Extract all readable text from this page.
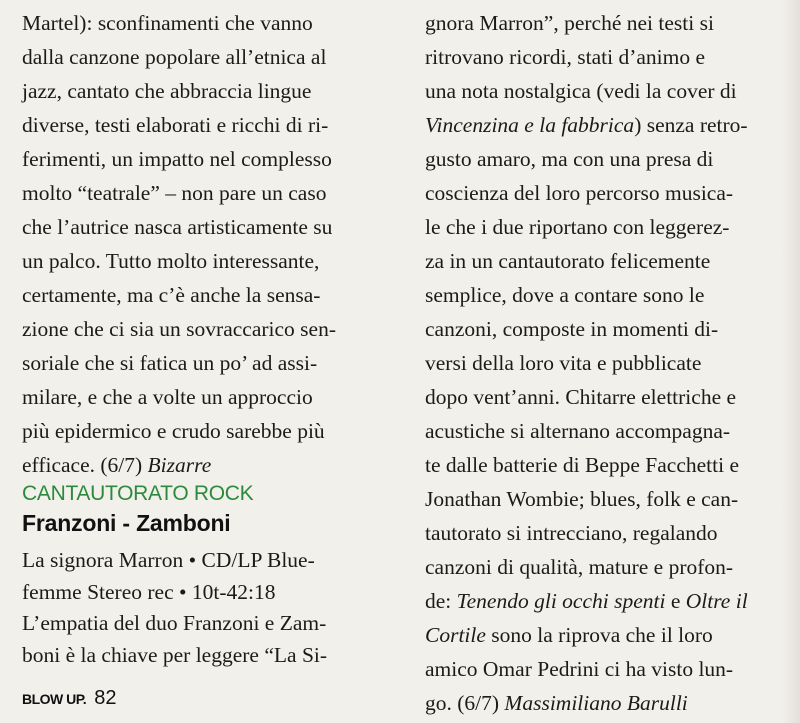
Martel): sconfinamenti che vanno
dalla canzone popolare all’etnica al
jazz, cantato che abbraccia lingue
diverse, testi elaborati e ricchi di ri-
ferimenti, un impatto nel complesso
molto “teatrale” – non pare un caso
che l’autrice nasca artisticamente su
un palco. Tutto molto interessante,
certamente, ma c’è anche la sensa-
zione che ci sia un sovraccarico sen-
soriale che si fatica un po’ ad assi-
milare, e che a volte un approccio
più epidermico e crudo sarebbe più
efficace. (6/7) Bizarre
CANTAUTORATO ROCK
Franzoni - Zamboni
La signora Marron • CD/LP Blue-
femme Stereo rec • 10t-42:18
L’empatia del duo Franzoni e Zam-
boni è la chiave per leggere “La Si-
gnora Marron”, perché nei testi si
ritrovano ricordi, stati d’animo e
una nota nostalgica (vedi la cover di
Vincenzina e la fabbrica) senza retro-
gusto amaro, ma con una presa di
coscienza del loro percorso musica-
le che i due riportano con leggerez-
za in un cantautorato felicemente
semplice, dove a contare sono le
canzoni, composte in momenti di-
versi della loro vita e pubblicate
dopo vent’anni. Chitarre elettriche e
acustiche si alternano accompagna-
te dalle batterie di Beppe Facchetti e
Jonathan Wombie; blues, folk e can-
tautorato si intrecciano, regalando
canzoni di qualità, mature e profon-
de: Tenendo gli occhi spenti e Oltre il
Cortile sono la riprova che il loro
amico Omar Pedrini ci ha visto lun-
go. (6/7) Massimiliano Barulli
BLOW UP. 82
